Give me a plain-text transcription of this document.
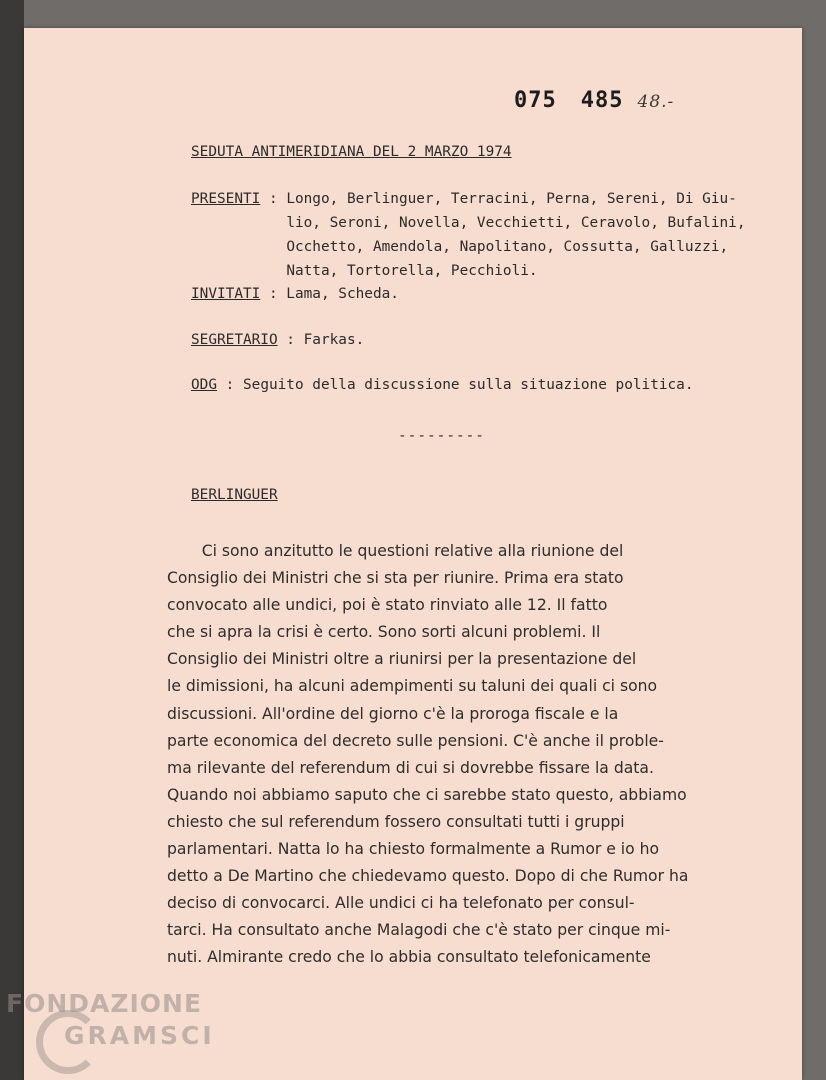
075 485 48.-
SEDUTA ANTIMERIDIANA DEL 2 MARZO 1974
PRESENTI : Longo, Berlinguer, Terracini, Perna, Sereni, Di Giu-
lio, Seroni, Novella, Vecchietti, Ceravolo, Bufalini,
Occhetto, Amendola, Napolitano, Cossutta, Galluzzi,
Natta, Tortorella, Pecchioli.
INVITATI : Lama, Scheda.
SEGRETARIO : Farkas.
ODG : Seguito della discussione sulla situazione politica.
---------
BERLINGUER
Ci sono anzitutto le questioni relative alla riunione del
Consiglio dei Ministri che si sta per riunire. Prima era stato
convocato alle undici, poi è stato rinviato alle 12. Il fatto
che si apra la crisi è certo. Sono sorti alcuni problemi. Il
Consiglio dei Ministri oltre a riunirsi per la presentazione del
le dimissioni, ha alcuni adempimenti su taluni dei quali ci sono
discussioni. All'ordine del giorno c'è la proroga fiscale e la
parte economica del decreto sulle pensioni. C'è anche il proble-
ma rilevante del referendum di cui si dovrebbe fissare la data.
Quando noi abbiamo saputo che ci sarebbe stato questo, abbiamo
chiesto che sul referendum fossero consultati tutti i gruppi
parlamentari. Natta lo ha chiesto formalmente a Rumor e io ho
detto a De Martino che chiedevamo questo. Dopo di che Rumor ha
deciso di convocarci. Alle undici ci ha telefonato per consul-
tarci. Ha consultato anche Malagodi che c'è stato per cinque mi-
nuti. Almirante credo che lo abbia consultato telefonicamente
FONDAZIONE
GRAMSCI
